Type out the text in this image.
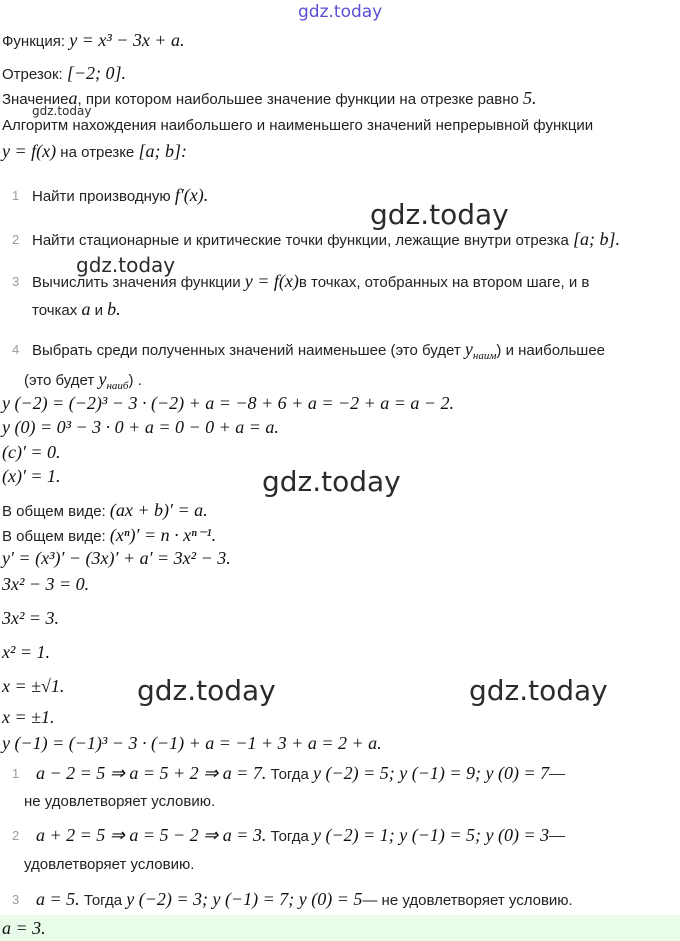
gdz.today
gdz.today
gdz.today
gdz.today
gdz.today
gdz.today	gdz.today
Функция: y = x³ − 3x + a.
Отрезок: [−2; 0].
Значениеa, при котором наибольшее значение функции на отрезке равно 5.
Алгоритм нахождения наибольшего и наименьшего значений непрерывной функции
y = f(x) на отрезке [a; b]:
1 Найти производную f′(x).
2 Найти стационарные и критические точки функции, лежащие внутри отрезка [a; b].
3 Вычислить значения функции y = f(x)в точках, отобранных на втором шаге, и в
точках a и b.
4 Выбрать среди полученных значений наименьшее (это будет $y_{наим}$) и наибольшее
(это будет $y_{наиб}$) .
y (−2) = (−2)³ − 3 · (−2) + a = −8 + 6 + a = −2 + a = a − 2.
y (0) = 0³ − 3 · 0 + a = 0 − 0 + a = a.
(c)′ = 0.
(x)′ = 1.
В общем виде: (ax + b)′ = a.
В общем виде: (xⁿ)′ = n · xⁿ⁻¹.
y′ = (x³)′ − (3x)′ + a′ = 3x² − 3.
3x² − 3 = 0.
3x² = 3.
x² = 1.
x = ±√1.
x = ±1.
y (−1) = (−1)³ − 3 · (−1) + a = −1 + 3 + a = 2 + a.
1 a − 2 = 5 ⇒ a = 5 + 2 ⇒ a = 7. Тогда y (−2) = 5; y (−1) = 9; y (0) = 7—
не удовлетворяет условию.
2 a + 2 = 5 ⇒ a = 5 − 2 ⇒ a = 3. Тогда y (−2) = 1; y (−1) = 5; y (0) = 3—
удовлетворяет условию.
3 a = 5. Тогда y (−2) = 3; y (−1) = 7; y (0) = 5— не удовлетворяет условию.
a = 3.
